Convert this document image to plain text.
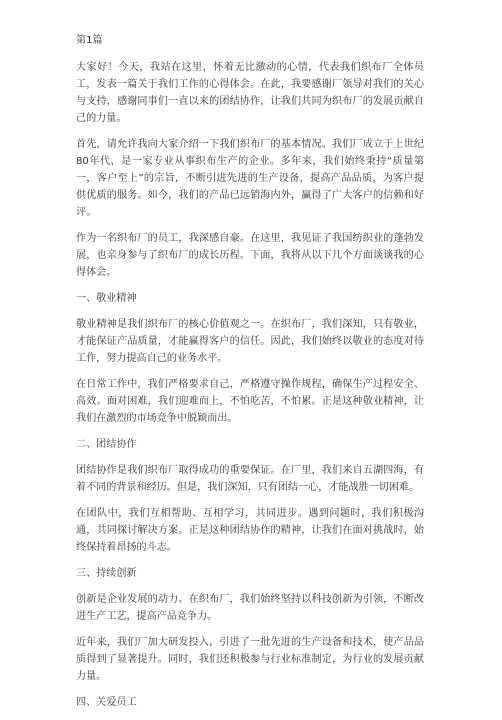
第1篇

大家好！今天，我站在这里，怀着无比激动的心情，代表我们织布厂全体员工，发表一篇关于我们工作的心得体会。在此，我要感谢厂领导对我们的关心与支持，感谢同事们一直以来的团结协作，让我们共同为织布厂的发展贡献自己的力量。

首先，请允许我向大家介绍一下我们织布厂的基本情况。我们厂成立于上世纪80年代，是一家专业从事织布生产的企业。多年来，我们始终秉持“质量第一，客户至上”的宗旨，不断引进先进的生产设备，提高产品品质，为客户提供优质的服务。如今，我们的产品已远销海内外，赢得了广大客户的信赖和好评。

作为一名织布厂的员工，我深感自豪。在这里，我见证了我国纺织业的蓬勃发展，也亲身参与了织布厂的成长历程。下面，我将从以下几个方面谈谈我的心得体会。

一、敬业精神

敬业精神是我们织布厂的核心价值观之一。在织布厂，我们深知，只有敬业，才能保证产品质量，才能赢得客户的信任。因此，我们始终以敬业的态度对待工作，努力提高自己的业务水平。

在日常工作中，我们严格要求自己，严格遵守操作规程，确保生产过程安全、高效。面对困难，我们迎难而上，不怕吃苦，不怕累。正是这种敬业精神，让我们在激烈的市场竞争中脱颖而出。

二、团结协作

团结协作是我们织布厂取得成功的重要保证。在厂里，我们来自五湖四海，有着不同的背景和经历。但是，我们深知，只有团结一心，才能战胜一切困难。

在团队中，我们互相帮助、互相学习，共同进步。遇到问题时，我们积极沟通，共同探讨解决方案。正是这种团结协作的精神，让我们在面对挑战时，始终保持着昂扬的斗志。

三、持续创新

创新是企业发展的动力。在织布厂，我们始终坚持以科技创新为引领，不断改进生产工艺，提高产品竞争力。

近年来，我们厂加大研发投入，引进了一批先进的生产设备和技术，使产品品质得到了显著提升。同时，我们还积极参与行业标准制定，为行业的发展贡献力量。

四、关爱员工
